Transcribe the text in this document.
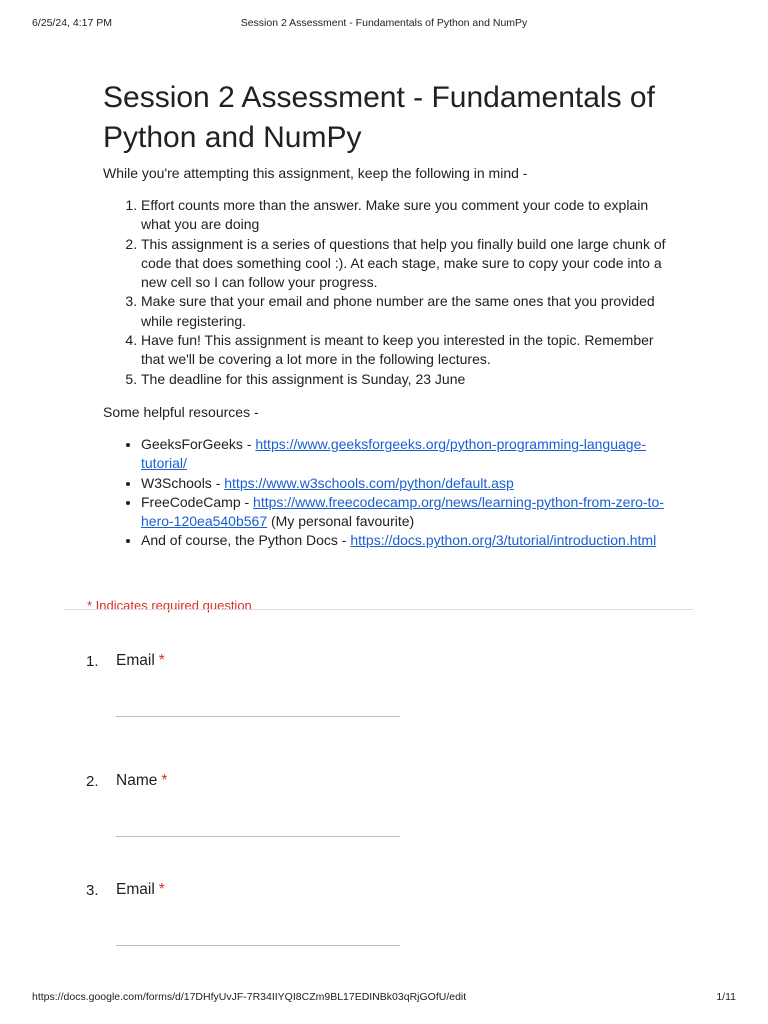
6/25/24, 4:17 PM	Session 2 Assessment - Fundamentals of Python and NumPy
Session 2 Assessment - Fundamentals of Python and NumPy

While you're attempting this assignment, keep the following in mind -

1. Effort counts more than the answer. Make sure you comment your code to explain what you are doing
2. This assignment is a series of questions that help you finally build one large chunk of code that does something cool :). At each stage, make sure to copy your code into a new cell so I can follow your progress.
3. Make sure that your email and phone number are the same ones that you provided while registering.
4. Have fun! This assignment is meant to keep you interested in the topic. Remember that we'll be covering a lot more in the following lectures.
5. The deadline for this assignment is Sunday, 23 June

Some helpful resources -

• GeeksForGeeks - https://www.geeksforgeeks.org/python-programming-language-tutorial/
• W3Schools - https://www.w3schools.com/python/default.asp
• FreeCodeCamp - https://www.freecodecamp.org/news/learning-python-from-zero-to-hero-120ea540b567 (My personal favourite)
• And of course, the Python Docs - https://docs.python.org/3/tutorial/introduction.html
* Indicates required question
1. Email *
2. Name *
3. Email *
https://docs.google.com/forms/d/17DHfyUvJF-7R34IIYQI8CZm9BL17EDINBk03qRjGOfU/edit	1/11
